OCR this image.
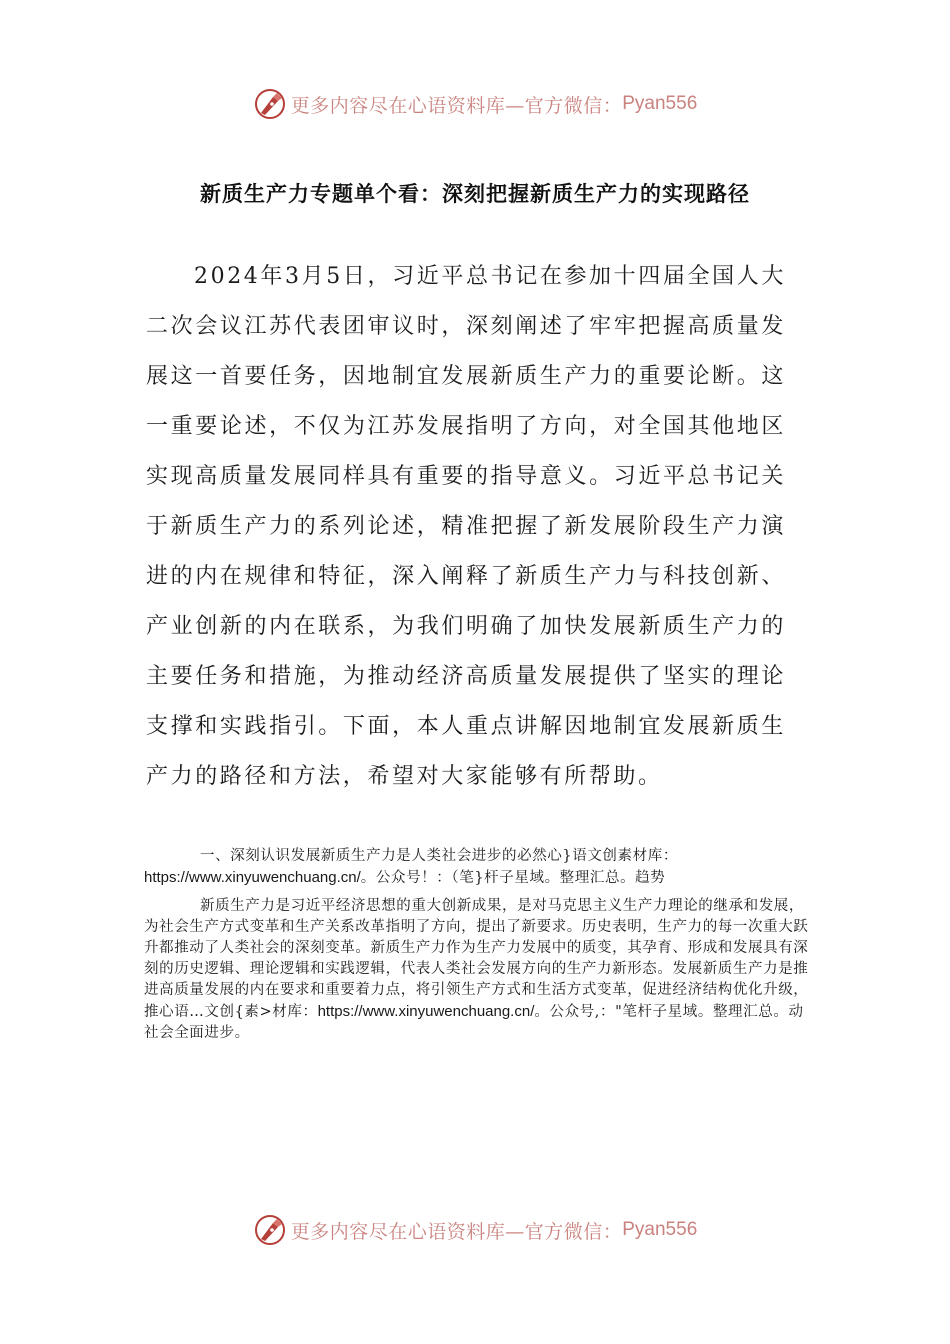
更多内容尽在心语资料库—官方微信： Pyan556
新质生产力专题单个看：深刻把握新质生产力的实现路径

2024年3月5日，习近平总书记在参加十四届全国人大二次会议江苏代表团审议时，深刻阐述了牢牢把握高质量发展这一首要任务，因地制宜发展新质生产力的重要论断。这一重要论述，不仅为江苏发展指明了方向，对全国其他地区实现高质量发展同样具有重要的指导意义。习近平总书记关于新质生产力的系列论述，精准把握了新发展阶段生产力演进的内在规律和特征，深入阐释了新质生产力与科技创新、产业创新的内在联系，为我们明确了加快发展新质生产力的主要任务和措施，为推动经济高质量发展提供了坚实的理论支撑和实践指引。下面，本人重点讲解因地制宜发展新质生产力的路径和方法，希望对大家能够有所帮助。

一、深刻认识发展新质生产力是人类社会进步的必然心}语文创素材库：https://www.xinyuwenchuang.cn/。公众号！：（笔}杆子星域。整理汇总。趋势

新质生产力是习近平经济思想的重大创新成果，是对马克思主义生产力理论的继承和发展，为社会生产方式变革和生产关系改革指明了方向，提出了新要求。历史表明，生产力的每一次重大跃升都推动了人类社会的深刻变革。新质生产力作为生产力发展中的质变，其孕育、形成和发展具有深刻的历史逻辑、理论逻辑和实践逻辑，代表人类社会发展方向的生产力新形态。发展新质生产力是推进高质量发展的内在要求和重要着力点，将引领生产方式和生活方式变革，促进经济结构优化升级，推心语…文创{素>材库：https://www.xinyuwenchuang.cn/。公众号,："笔杆子星域。整理汇总。动社会全面进步。

更多内容尽在心语资料库—官方微信： Pyan556
